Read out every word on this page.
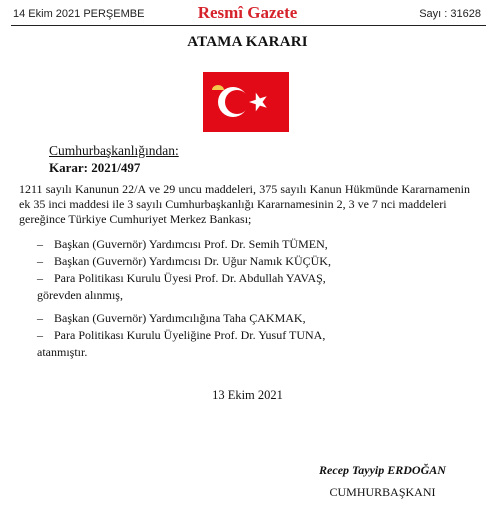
14 Ekim 2021 PERŞEMBE	Resmî Gazete	Sayı : 31628
ATAMA KARARI
Cumhurbaşkanlığından:
Karar: 2021/497
1211 sayılı Kanunun 22/A ve 29 uncu maddeleri, 375 sayılı Kanun Hükmünde Kararnamenin ek 35 inci maddesi ile 3 sayılı Cumhurbaşkanlığı Kararnamesinin 2, 3 ve 7 nci maddeleri
gereğince Türkiye Cumhuriyet Merkez Bankası;
– Başkan (Guvernör) Yardımcısı Prof. Dr. Semih TÜMEN,
– Başkan (Guvernör) Yardımcısı Dr. Uğur Namık KÜÇÜK,
– Para Politikası Kurulu Üyesi Prof. Dr. Abdullah YAVAŞ,
görevden alınmış,
– Başkan (Guvernör) Yardımcılığına Taha ÇAKMAK,
– Para Politikası Kurulu Üyeliğine Prof. Dr. Yusuf TUNA,
atanmıştır.
13 Ekim 2021
Recep Tayyip ERDOĞAN
CUMHURBAŞKANI
